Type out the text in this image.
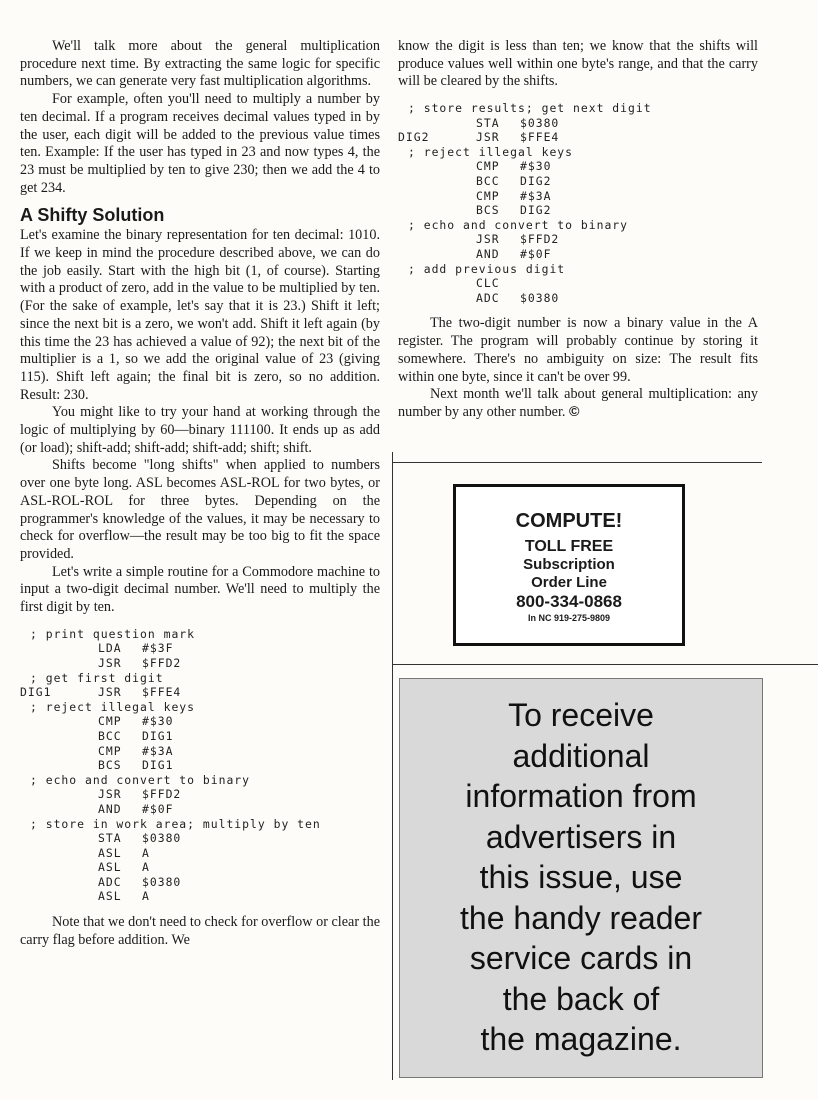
We'll talk more about the general multiplication procedure next time. By extracting the same logic for specific numbers, we can generate very fast multiplication algorithms.

For example, often you'll need to multiply a number by ten decimal. If a program receives decimal values typed in by the user, each digit will be added to the previous value times ten. Example: If the user has typed in 23 and now types 4, the 23 must be multiplied by ten to give 230; then we add the 4 to get 234.

A Shifty Solution

Let's examine the binary representation for ten decimal: 1010. If we keep in mind the procedure described above, we can do the job easily. Start with the high bit (1, of course). Starting with a product of zero, add in the value to be multiplied by ten. (For the sake of example, let's say that it is 23.) Shift it left; since the next bit is a zero, we won't add. Shift it left again (by this time the 23 has achieved a value of 92); the next bit of the multiplier is a 1, so we add the original value of 23 (giving 115). Shift left again; the final bit is zero, so no addition. Result: 230.

You might like to try your hand at working through the logic of multiplying by 60—binary 111100. It ends up as add (or load); shift-add; shift-add; shift-add; shift; shift.

Shifts become "long shifts" when applied to numbers over one byte long. ASL becomes ASL-ROL for two bytes, or ASL-ROL-ROL for three bytes. Depending on the programmer's knowledge of the values, it may be necessary to check for overflow—the result may be too big to fit the space provided.

Let's write a simple routine for a Commodore machine to input a two-digit decimal number. We'll need to multiply the first digit by ten.

; print question mark
LDA #$3F
JSR $FFD2
; get first digit
DIG1	JSR $FFE4
; reject illegal keys
CMP #$30
BCC DIG1
CMP #$3A
BCS DIG1
; echo and convert to binary
JSR $FFD2
AND #$0F
; store in work area; multiply by ten
STA $0380
ASL A
ASL A
ADC $0380
ASL A

Note that we don't need to check for overflow or clear the carry flag before addition. We

know the digit is less than ten; we know that the shifts will produce values well within one byte's range, and that the carry will be cleared by the shifts.

; store results; get next digit
STA $0380
DIG2	JSR $FFE4
; reject illegal keys
CMP #$30
BCC DIG2
CMP #$3A
BCS DIG2
; echo and convert to binary
JSR $FFD2
AND #$0F
; add previous digit
CLC
ADC $0380

The two-digit number is now a binary value in the A register. The program will probably continue by storing it somewhere. There's no ambiguity on size: The result fits within one byte, since it can't be over 99.

Next month we'll talk about general multiplication: any number by any other number. ©

COMPUTE!
TOLL FREE
Subscription
Order Line
800-334-0868
In NC 919-275-9809
To receive
additional
information from
advertisers in
this issue, use
the handy reader
service cards in
the back of
the magazine.
